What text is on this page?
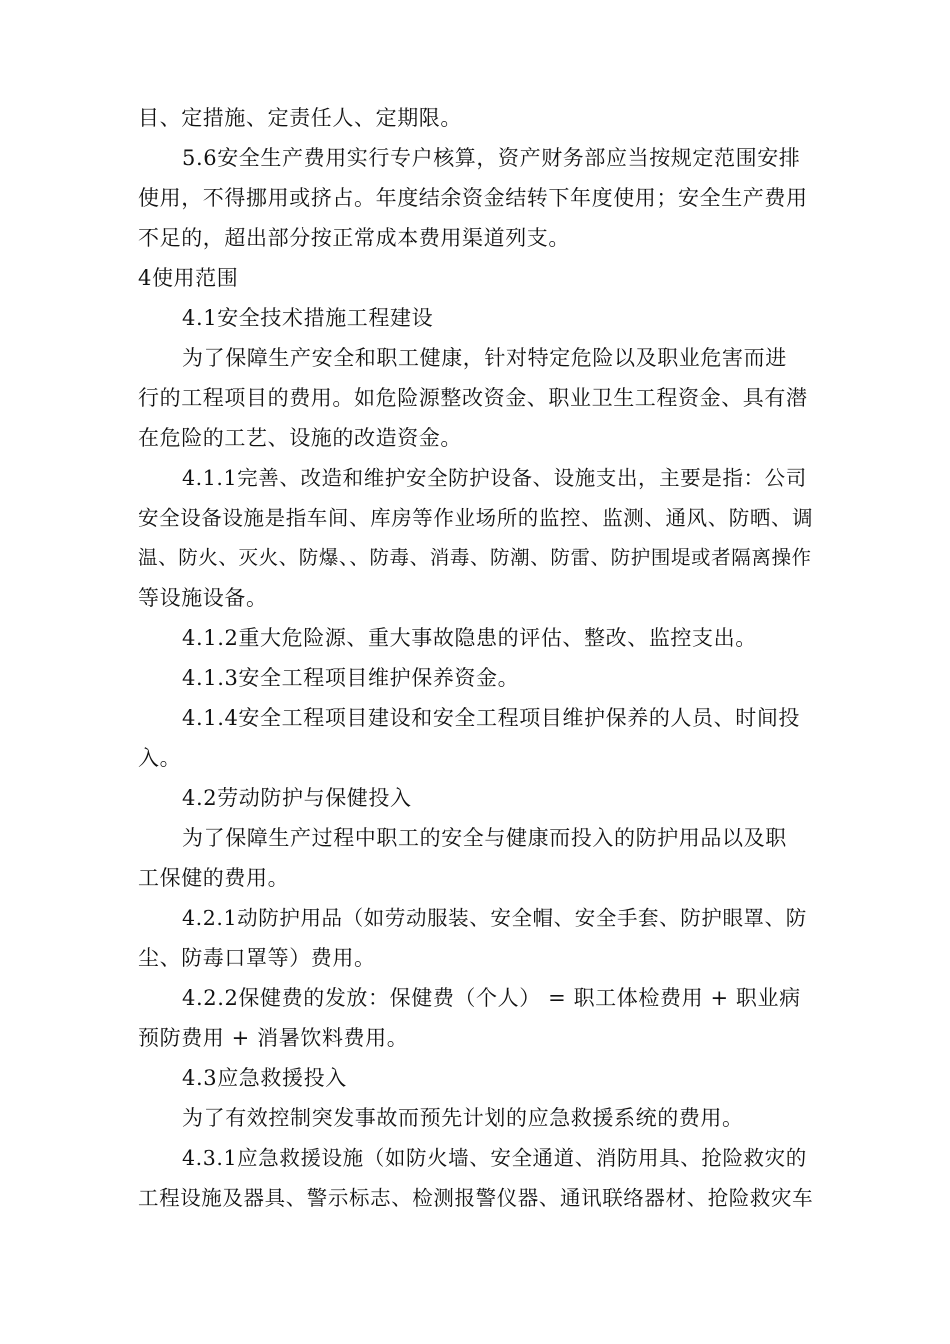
目、定措施、定责任人、定期限。
5.6安全生产费用实行专户核算，资产财务部应当按规定范围安排
使用，不得挪用或挤占。年度结余资金结转下年度使用；安全生产费用
不足的，超出部分按正常成本费用渠道列支。
4使用范围
4.1安全技术措施工程建设
为了保障生产安全和职工健康，针对特定危险以及职业危害而进
行的工程项目的费用。如危险源整改资金、职业卫生工程资金、具有潜
在危险的工艺、设施的改造资金。
4.1.1完善、改造和维护安全防护设备、设施支出，主要是指：公司
安全设备设施是指车间、库房等作业场所的监控、监测、通风、防晒、调
温、防火、灭火、防爆、、防毒、消毒、防潮、防雷、防护围堤或者隔离操作
等设施设备。
4.1.2重大危险源、重大事故隐患的评估、整改、监控支出。
4.1.3安全工程项目维护保养资金。
4.1.4安全工程项目建设和安全工程项目维护保养的人员、时间投
入。
4.2劳动防护与保健投入
为了保障生产过程中职工的安全与健康而投入的防护用品以及职
工保健的费用。
4.2.1动防护用品（如劳动服装、安全帽、安全手套、防护眼罩、防
尘、防毒口罩等）费用。
4.2.2保健费的发放：保健费（个人） = 职工体检费用 + 职业病
预防费用 + 消暑饮料费用。
4.3应急救援投入
为了有效控制突发事故而预先计划的应急救援系统的费用。
4.3.1应急救援设施（如防火墙、安全通道、消防用具、抢险救灾的
工程设施及器具、警示标志、检测报警仪器、通讯联络器材、抢险救灾车
